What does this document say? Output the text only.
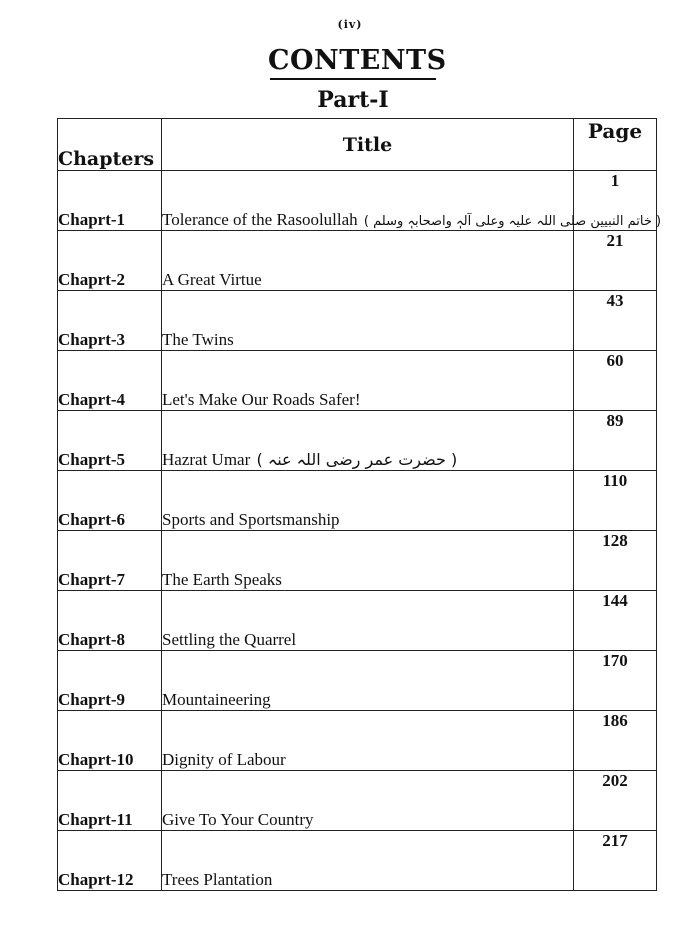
(iv)
CONTENTS
Part-I
Chapters	Title	Page
Chaprt-1	Tolerance of the Rasoolullah ( خاتم النبیین صلی اللہ علیہ وعلی آلہٖ واصحابہٖ وسلم )	1
Chaprt-2	A Great Virtue	21
Chaprt-3	The Twins	43
Chaprt-4	Let's Make Our Roads Safer!	60
Chaprt-5	Hazrat Umar ( حضرت عمر رضی اللہ عنہ )	89
Chaprt-6	Sports and Sportsmanship	110
Chaprt-7	The Earth Speaks	128
Chaprt-8	Settling the Quarrel	144
Chaprt-9	Mountaineering	170
Chaprt-10	Dignity of Labour	186
Chaprt-11	Give To Your Country	202
Chaprt-12	Trees Plantation	217
